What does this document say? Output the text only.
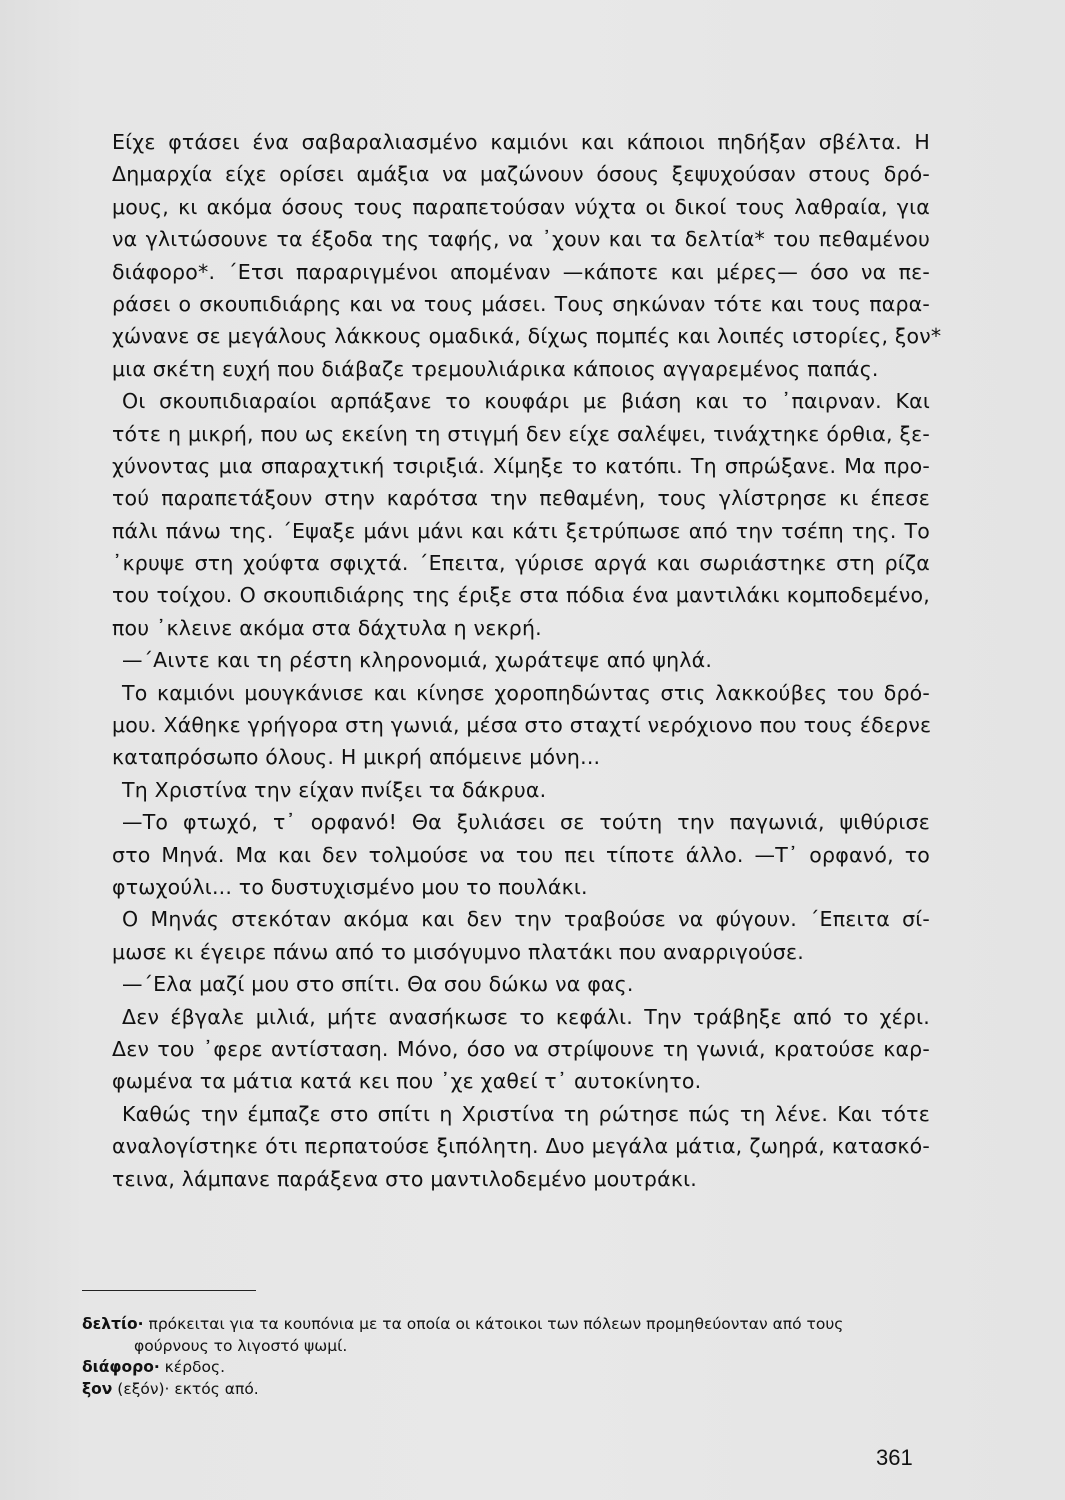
Είχε φτάσει ένα σαβαραλιασμένο καμιόνι και κάποιοι πηδήξαν σβέλτα. Η
Δημαρχία είχε ορίσει αμάξια να μαζώνουν όσους ξεψυχούσαν στους δρό-
μους, κι ακόμα όσους τους παραπετούσαν νύχτα οι δικοί τους λαθραία, για
να γλιτώσουνε τα έξοδα της ταφής, να ᾿χουν και τα δελτία* του πεθαμένου
διάφορο*. ΄Ετσι παραριγμένοι απομέναν —κάποτε και μέρες— όσο να πε-
ράσει ο σκουπιδιάρης και να τους μάσει. Τους σηκώναν τότε και τους παρα-
χώνανε σε μεγάλους λάκκους ομαδικά, δίχως πομπές και λοιπές ιστορίες, ξον*
μια σκέτη ευχή που διάβαζε τρεμουλιάρικα κάποιος αγγαρεμένος παπάς.
Οι σκουπιδιαραίοι αρπάξανε το κουφάρι με βιάση και το ᾿παιρναν. Και
τότε η μικρή, που ως εκείνη τη στιγμή δεν είχε σαλέψει, τινάχτηκε όρθια, ξε-
χύνοντας μια σπαραχτική τσιριξιά. Χίμηξε το κατόπι. Τη σπρώξανε. Μα προ-
τού παραπετάξουν στην καρότσα την πεθαμένη, τους γλίστρησε κι έπεσε
πάλι πάνω της. ΄Εψαξε μάνι μάνι και κάτι ξετρύπωσε από την τσέπη της. Το
᾿κρυψε στη χούφτα σφιχτά. ΄Επειτα, γύρισε αργά και σωριάστηκε στη ρίζα
του τοίχου. Ο σκουπιδιάρης της έριξε στα πόδια ένα μαντιλάκι κομποδεμένο,
που ᾿κλεινε ακόμα στα δάχτυλα η νεκρή.
—΄Αιντε και τη ρέστη κληρονομιά, χωράτεψε από ψηλά.
Το καμιόνι μουγκάνισε και κίνησε χοροπηδώντας στις λακκούβες του δρό-
μου. Χάθηκε γρήγορα στη γωνιά, μέσα στο σταχτί νερόχιονο που τους έδερνε
καταπρόσωπο όλους. Η μικρή απόμεινε μόνη...
Τη Χριστίνα την είχαν πνίξει τα δάκρυα.
—Το φτωχό, τ᾿ ορφανό! Θα ξυλιάσει σε τούτη την παγωνιά, ψιθύρισε
στο Μηνά. Μα και δεν τολμούσε να του πει τίποτε άλλο. —Τ᾿ ορφανό, το
φτωχούλι... το δυστυχισμένο μου το πουλάκι.
Ο Μηνάς στεκόταν ακόμα και δεν την τραβούσε να φύγουν. ΄Επειτα σί-
μωσε κι έγειρε πάνω από το μισόγυμνο πλατάκι που αναρριγούσε.
—΄Ελα μαζί μου στο σπίτι. Θα σου δώκω να φας.
Δεν έβγαλε μιλιά, μήτε ανασήκωσε το κεφάλι. Την τράβηξε από το χέρι.
Δεν του ᾿φερε αντίσταση. Μόνο, όσο να στρίψουνε τη γωνιά, κρατούσε καρ-
φωμένα τα μάτια κατά κει που ᾿χε χαθεί τ᾿ αυτοκίνητο.
Καθώς την έμπαζε στο σπίτι η Χριστίνα τη ρώτησε πώς τη λένε. Και τότε
αναλογίστηκε ότι περπατούσε ξιπόλητη. Δυο μεγάλα μάτια, ζωηρά, κατασκό-
τεινα, λάμπανε παράξενα στο μαντιλοδεμένο μουτράκι.
δελτίο· πρόκειται για τα κουπόνια με τα οποία οι κάτοικοι των πόλεων προμηθεύονταν από τους
φούρνους το λιγοστό ψωμί.
διάφορο· κέρδος.
ξον (εξόν)· εκτός από.
361
